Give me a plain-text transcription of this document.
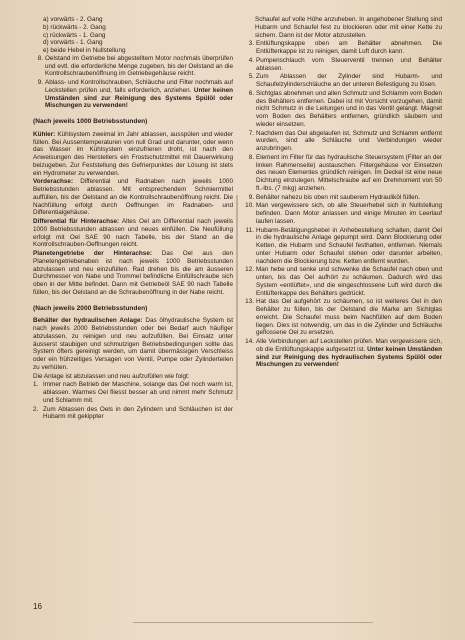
a) vorwärts - 2. Gang
b) rückwärts - 2. Gang
c) rückwärts - 1. Gang
d) vorwärts - 1. Gang
e) beide Hebel in Nullstellung
8. Oelstand im Getriebe bei abgestelltem Motor nochmals überprüfen und evtl. die erforderliche Menge zugeben, bis der Oelstand an die Kontrollschraubenöffnung im Getriebegehäuse reicht.
9. Ablass- und Kontrollschrauben, Schläuche und Filter nochmals auf Leckstellen prüfen und, falls erforderlich, anziehen. Unter keinen Umständen sind zur Reinigung des Systems Spülöl oder Mischungen zu verwenden!
(Nach jeweils 1000 Betriebsstunden)

Kühler: Kühlsystem zweimal im Jahr ablassen, ausspülen und wieder füllen. Bei Aussentemperaturen von null Grad und darunter, oder wenn das Wasser im Kühlsystem einzufrieren droht, ist nach den Anweisungen des Herstellers ein Frostschutzmittel mit Dauerwirkung beizugeben. Zur Feststellung des Gefrierpunktes der Lösung ist stets ein Hydrometer zu verwenden.

Vorderachse: Differential und Radnaben nach jeweils 1000 Betriebsstunden ablassen. Mit entsprechendem Schmiermittel auffüllen, bis der Oelstand an die Kontrollschraubenöffnung reicht. Die Nachfüllung erfolgt durch Oeffnungen im Radnaben- und Differentialgehäuse.

Differential für Hinterachse: Altes Oel am Differential nach jeweils 1000 Betriebsstunden ablassen und neues einfüllen. Die Neufüllung erfolgt mit Oel SAE 90 nach Tabelle, bis der Stand an die Kontrollschrauben-Oeffnungen reicht.

Planetengetriebe der Hinterachse: Das Oel aus den Planetengetriebenaben ist nach jeweils 1000 Betriebsstunden abzulassen und neu einzufüllen. Rad drehen bis die am äusseren Durchmesser von Nabe und Trommel befindliche Einfüllschraube sich oben in der Mitte befindet. Dann mit Getriebeöl SAE 90 nach Tabelle füllen, bis der Oelstand an die Schraubenöffnung in der Nabe reicht.

(Nach jeweils 2000 Betriebsstunden)

Behälter der hydraulischen Anlage: Das ölhydraulische System ist nach jeweils 2000 Betriebsstunden oder bei Bedarf auch häufiger abzulassen, zu reinigen und neu aufzufüllen. Bei Einsatz unter äusserst staubigen und schmutzigen Betriebsbedingungen sollte das System öfters gereinigt werden, um damit übermässigen Verschleiss oder ein frühzeitiges Versagen von Ventil, Pumpe oder Zylinderteilen zu verhüten.

Die Anlage ist abzulassen und neu aufzufüllen wie folgt:

1. Immer nach Betrieb der Maschine, solange das Oel noch warm ist, ablassen. Warmes Oel fliesst besser ab und nimmt mehr Schmutz und Schlamm mit.
2. Zum Ablassen des Oels in den Zylindern und Schläuchen ist der Hubarm mit gekippter

Schaufel auf volle Höhe anzuheben. In angehobener Stellung sind Hubarm und Schaufel fest zu blockieren oder mit einer Kette zu sichern. Dann ist der Motor abzustellen.

3. Entlüftungskappe oben am Behälter abnehmen. Die Entlüfterkappe ist zu reinigen, damit Luft durch kann.
4. Pumpenschlauch vom Steuerventil trennen und Behälter ablassen.
5. Zum Ablassen der Zylinder sind Hubarm- und Schaufelzylinderschläuche an der unteren Befestigung zu lösen.
6. Sichtglas abnehmen und allen Schmutz und Schlamm vom Boden des Behälters entfernen. Dabei ist mit Vorsicht vorzugehen, damit nicht Schmutz in die Leitungen und in das Ventil gelangt. Magnet vom Boden des Behälters entfernen, gründlich säubern und wieder einsetzen.
7. Nachdem das Oel abgelaufen ist, Schmutz und Schlamm entfernt wurden, sind alle Schläuche und Verbindungen wieder anzubringen.
8. Element im Filter für das hydraulische Steuersystem (Filter an der linken Rahmenseite) austauschen. Filtergehäuse vor Einsetzen des neuen Elementes gründlich reinigen. Im Deckel ist eine neue Dichtung einzulegen. Mittelschraube auf ein Drehmoment von 50 ft.-lbs. (7 mkg) anziehen.
9. Behälter nahezu bis oben mit sauberem Hydrauliköl füllen.
10. Man vergewissere sich, ob alle Steuerhebel sich in Nullstellung befinden. Dann Motor anlassen und einige Minuten im Leerlauf laufen lassen.
11. Hubarm-Betätigungshebel in Anhebestellung schalten, damit Oel in die hydraulische Anlage gepumpt wird. Dann Blockierung oder Ketten, die Hubarm und Schaufel festhalten, entfernen. Niemals unter Hubarm oder Schaufel stehen oder darunter arbeiten, nachdem die Blockierung bzw. Ketten entfernt wurden.
12. Man hebe und senke und schwenke die Schaufel nach oben und unten, bis das Oel aufhört zu schäumen. Dadurch wird das System «entlüftet», und die eingeschlossene Luft wird durch die Entlüfterkappe des Behälters gedrückt.
13. Hat das Oel aufgehört zu schäumen, so ist weiteres Oel in den Behälter zu füllen, bis der Oelstand die Marke am Sichtglas erreicht. Die Schaufel muss beim Nachfüllen auf dem Boden liegen. Dies ist notwendig, um das in die Zylinder und Schläuche geflossene Oel zu ersetzen.
14. Alle Verbindungen auf Leckstellen prüfen. Man vergewissere sich, ob die Entlüftungskappe aufgesetzt ist. Unter keinen Umständen sind zur Reinigung des hydraulischen Systems Spülöl oder Mischungen zu verwenden!
16
